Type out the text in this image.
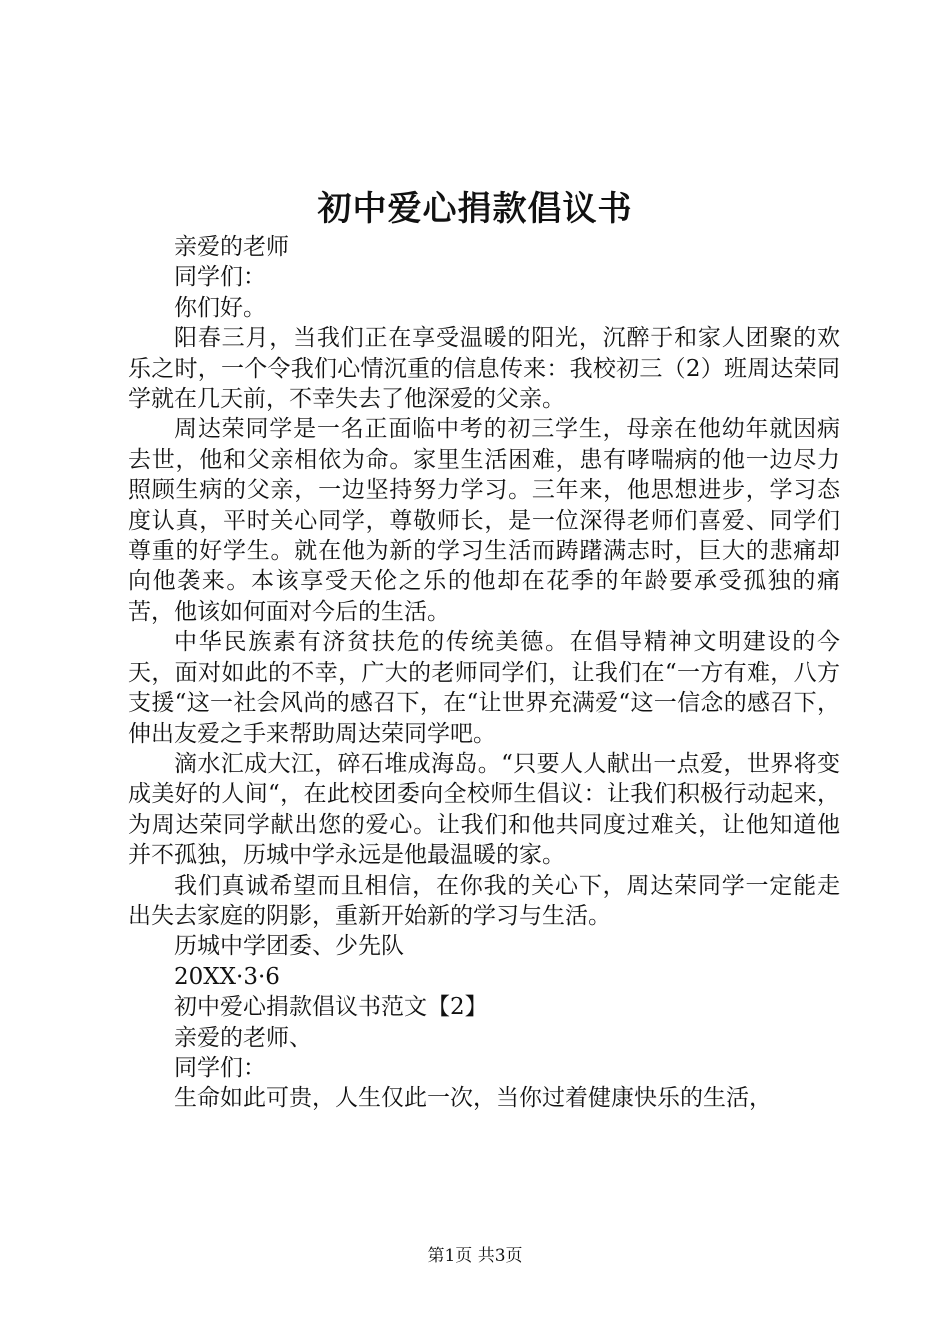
初中爱心捐款倡议书

亲爱的老师

同学们：

你们好。

阳春三月，当我们正在享受温暖的阳光，沉醉于和家人团聚的欢乐之时，一个令我们心情沉重的信息传来：我校初三（2）班周达荣同学就在几天前，不幸失去了他深爱的父亲。

周达荣同学是一名正面临中考的初三学生，母亲在他幼年就因病去世，他和父亲相依为命。家里生活困难，患有哮喘病的他一边尽力照顾生病的父亲，一边坚持努力学习。三年来，他思想进步，学习态度认真，平时关心同学，尊敬师长，是一位深得老师们喜爱、同学们尊重的好学生。就在他为新的学习生活而踌躇满志时，巨大的悲痛却向他袭来。本该享受天伦之乐的他却在花季的年龄要承受孤独的痛苦，他该如何面对今后的生活。

中华民族素有济贫扶危的传统美德。在倡导精神文明建设的今天，面对如此的不幸，广大的老师同学们，让我们在“一方有难，八方支援“这一社会风尚的感召下，在“让世界充满爱“这一信念的感召下，伸出友爱之手来帮助周达荣同学吧。

滴水汇成大江，碎石堆成海岛。“只要人人献出一点爱，世界将变成美好的人间“，在此校团委向全校师生倡议：让我们积极行动起来，为周达荣同学献出您的爱心。让我们和他共同度过难关，让他知道他并不孤独，历城中学永远是他最温暖的家。

我们真诚希望而且相信，在你我的关心下，周达荣同学一定能走出失去家庭的阴影，重新开始新的学习与生活。

历城中学团委、少先队

20XX·3·6

初中爱心捐款倡议书范文【2】

亲爱的老师、

同学们：

生命如此可贵，人生仅此一次，当你过着健康快乐的生活，

第1页 共3页
